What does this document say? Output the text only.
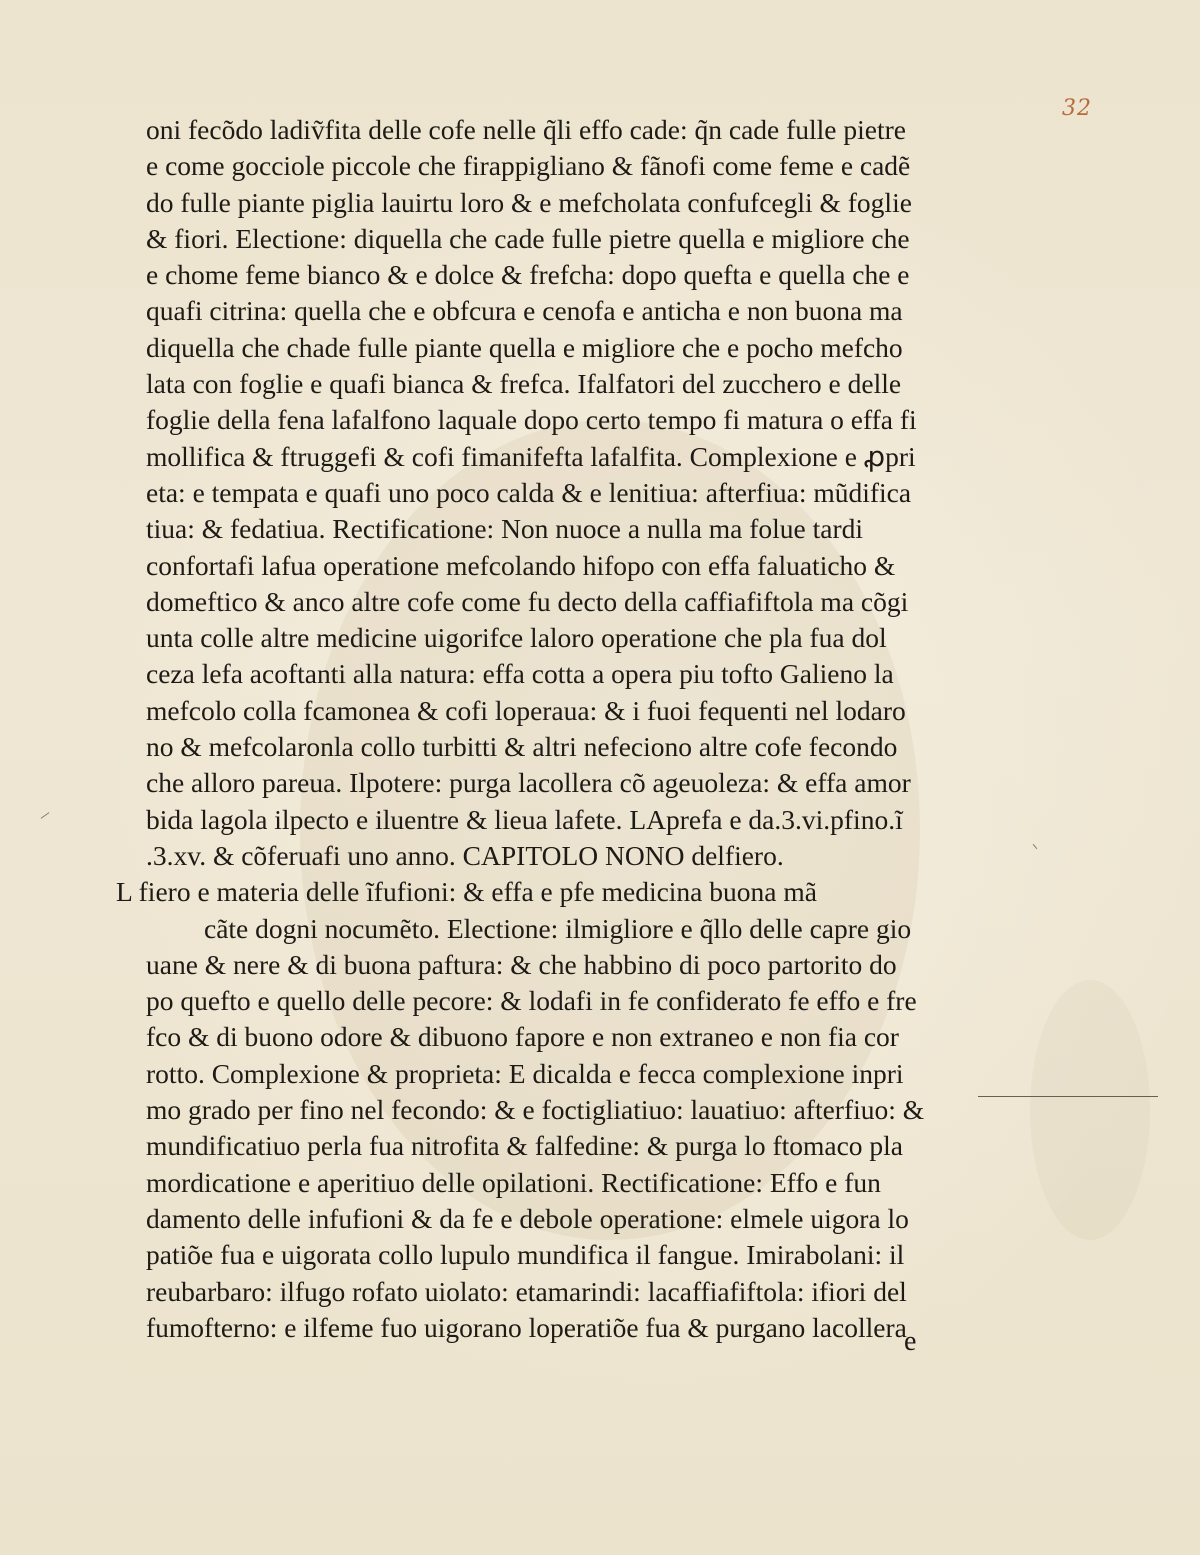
32
oni fecõdo ladiṽfita delle cofe nelle q̃li effo cade: q̃n cade fulle pietre
e come gocciole piccole che firappigliano & fãnofi come feme e cadẽ
do fulle piante piglia lauirtu loro & e mefcholata confufcegli & foglie
& fiori. Electione: diquella che cade fulle pietre quella e migliore che
e chome feme bianco & e dolce & frefcha: dopo quefta e quella che e
quafi citrina: quella che e obfcura e cenofa e anticha e non buona ma
diquella che chade fulle piante quella e migliore che e pocho mefcho
lata con foglie e quafi bianca & frefca. Ifalfatori del zucchero e delle
foglie della fena lafalfono laquale dopo certo tempo fi matura o effa fi
mollifica & ftruggefi & cofi fimanifefta lafalfita. Complexione e ꝓpri
eta: e tempata e quafi uno poco calda & e lenitiua: afterfiua: mũdifica
tiua: & fedatiua. Rectificatione: Non nuoce a nulla ma folue tardi
confortafi lafua operatione mefcolando hifopo con effa faluaticho &
domeftico & anco altre cofe come fu decto della caffiafiftola ma cõgi
unta colle altre medicine uigorifce laloro operatione che pla fua dol
ceza lefa acoftanti alla natura: effa cotta a opera piu tofto Galieno la
mefcolo colla fcamonea & cofi loperaua: & i fuoi fequenti nel lodaro
no & mefcolaronla collo turbitti & altri nefeciono altre cofe fecondo
che alloro pareua. Ilpotere: purga lacollera cõ ageuoleza: & effa amor
bida lagola ilpecto e iluentre & lieua lafete. LAprefa e da.3.vi.pfino.ĩ
.3.xv. & cõferuafi uno anno. CAPITOLO NONO delfiero.
L fiero e materia delle ĩfufioni: & effa e pfe medicina buona mã
cãte dogni nocumẽto. Electione: ilmigliore e q̃llo delle capre gio
uane & nere & di buona paftura: & che habbino di poco partorito do
po quefto e quello delle pecore: & lodafi in fe confiderato fe effo e fre
fco & di buono odore & dibuono fapore e non extraneo e non fia cor
rotto. Complexione & proprieta: E dicalda e fecca complexione inpri
mo grado per fino nel fecondo: & e foctigliatiuo: lauatiuo: afterfiuo: &
mundificatiuo perla fua nitrofita & falfedine: & purga lo ftomaco pla
mordicatione e aperitiuo delle opilationi. Rectificatione: Effo e fun
damento delle infufioni & da fe e debole operatione: elmele uigora lo
patiõe fua e uigorata collo lupulo mundifica il fangue. Imirabolani: il
reubarbaro: ilfugo rofato uiolato: etamarindi: lacaffiafiftola: ifiori del
fumofterno: e ilfeme fuo uigorano loperatiõe fua & purgano lacollera
e
